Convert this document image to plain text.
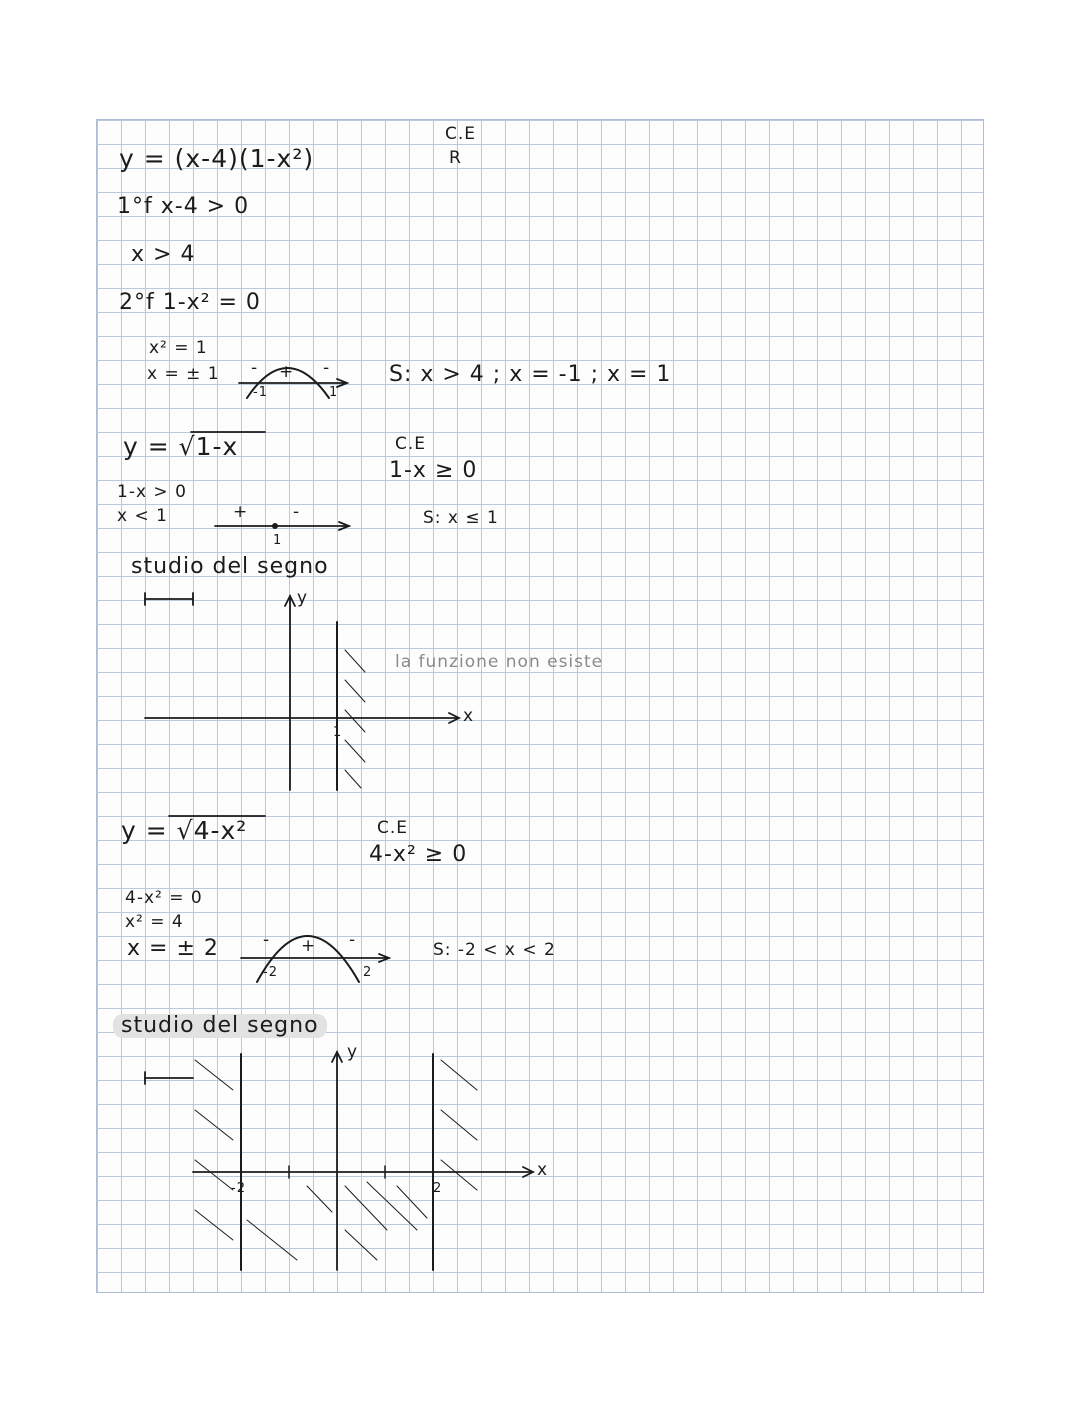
y = (x-4)(1-x²)
C.E
R
1°f x-4 > 0
x > 4
2°f 1-x² = 0
x² = 1
x = ± 1	+
-	-
-1	1
S: x > 4 ; x = -1 ; x = 1
y = √1-x	C.E
1-x ≥ 0
1-x > 0
x < 1	+	-
1
S: x ≤ 1
studio del segno
y
x
1
la funzione non esiste
y = √4-x²	C.E
4-x² ≥ 0
4-x² = 0
x² = 4
x = ± 2	+
-	-
-2	2
S: -2 < x < 2
studio del segno
y
x
-2	2
